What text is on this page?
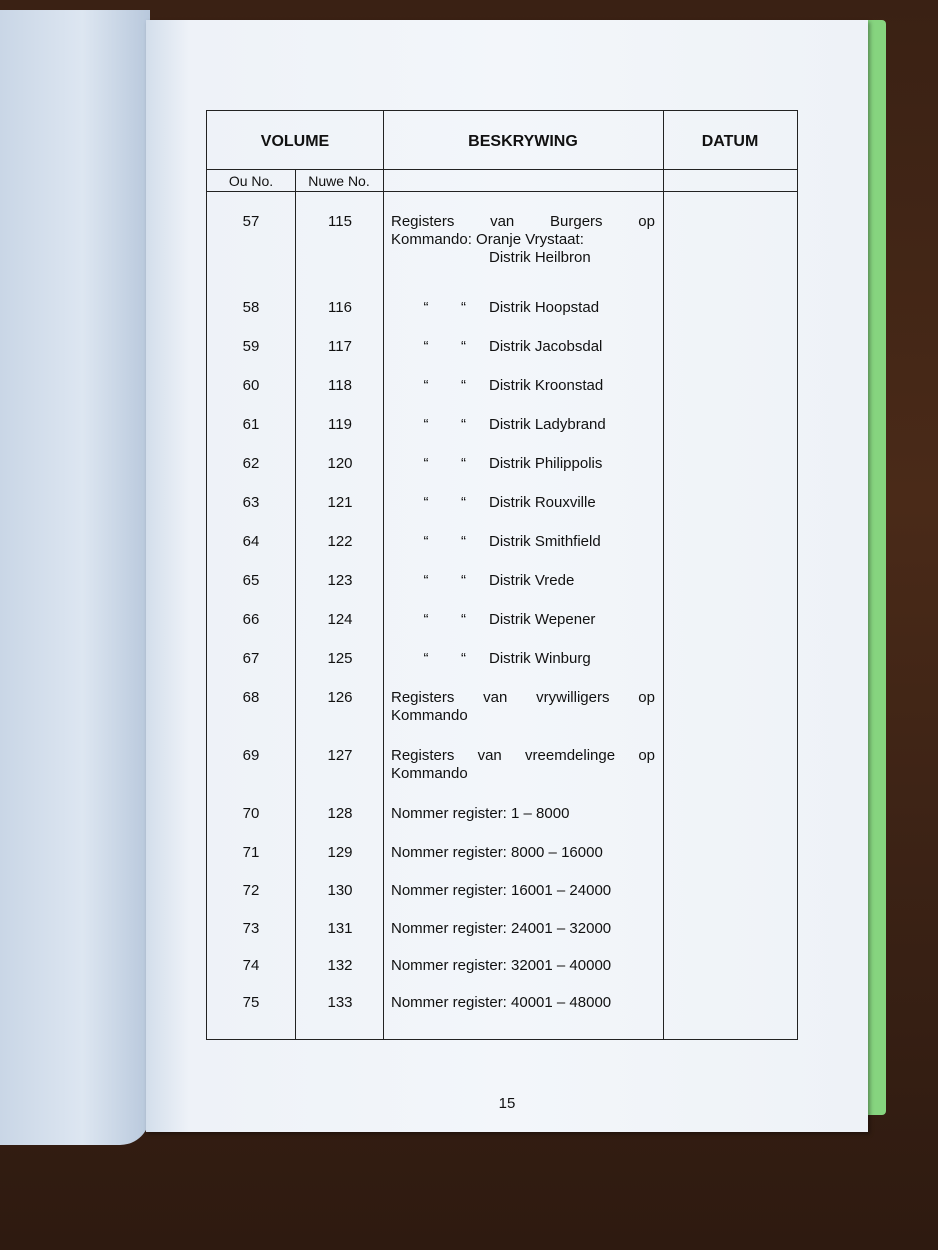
VOLUME	BESKRYWING	DATUM
Ou No.	Nuwe No.
57	115	Registers van Burgers op
Kommando: Oranje Vrystaat:
Distrik Heilbron
58	116	“ “ Distrik Hoopstad
59	117	“ “ Distrik Jacobsdal
60	118	“ “ Distrik Kroonstad
61	119	“ “ Distrik Ladybrand
62	120	“ “ Distrik Philippolis
63	121	“ “ Distrik Rouxville
64	122	“ “ Distrik Smithfield
65	123	“ “ Distrik Vrede
66	124	“ “ Distrik Wepener
67	125	“ “ Distrik Winburg
68	126	Registers van vrywilligers op
Kommando
69	127	Registers van vreemdelinge op
Kommando
70	128	Nommer register: 1 – 8000
71	129	Nommer register: 8000 – 16000
72	130	Nommer register: 16001 – 24000
73	131	Nommer register: 24001 – 32000
74	132	Nommer register: 32001 – 40000
75	133	Nommer register: 40001 – 48000
15
